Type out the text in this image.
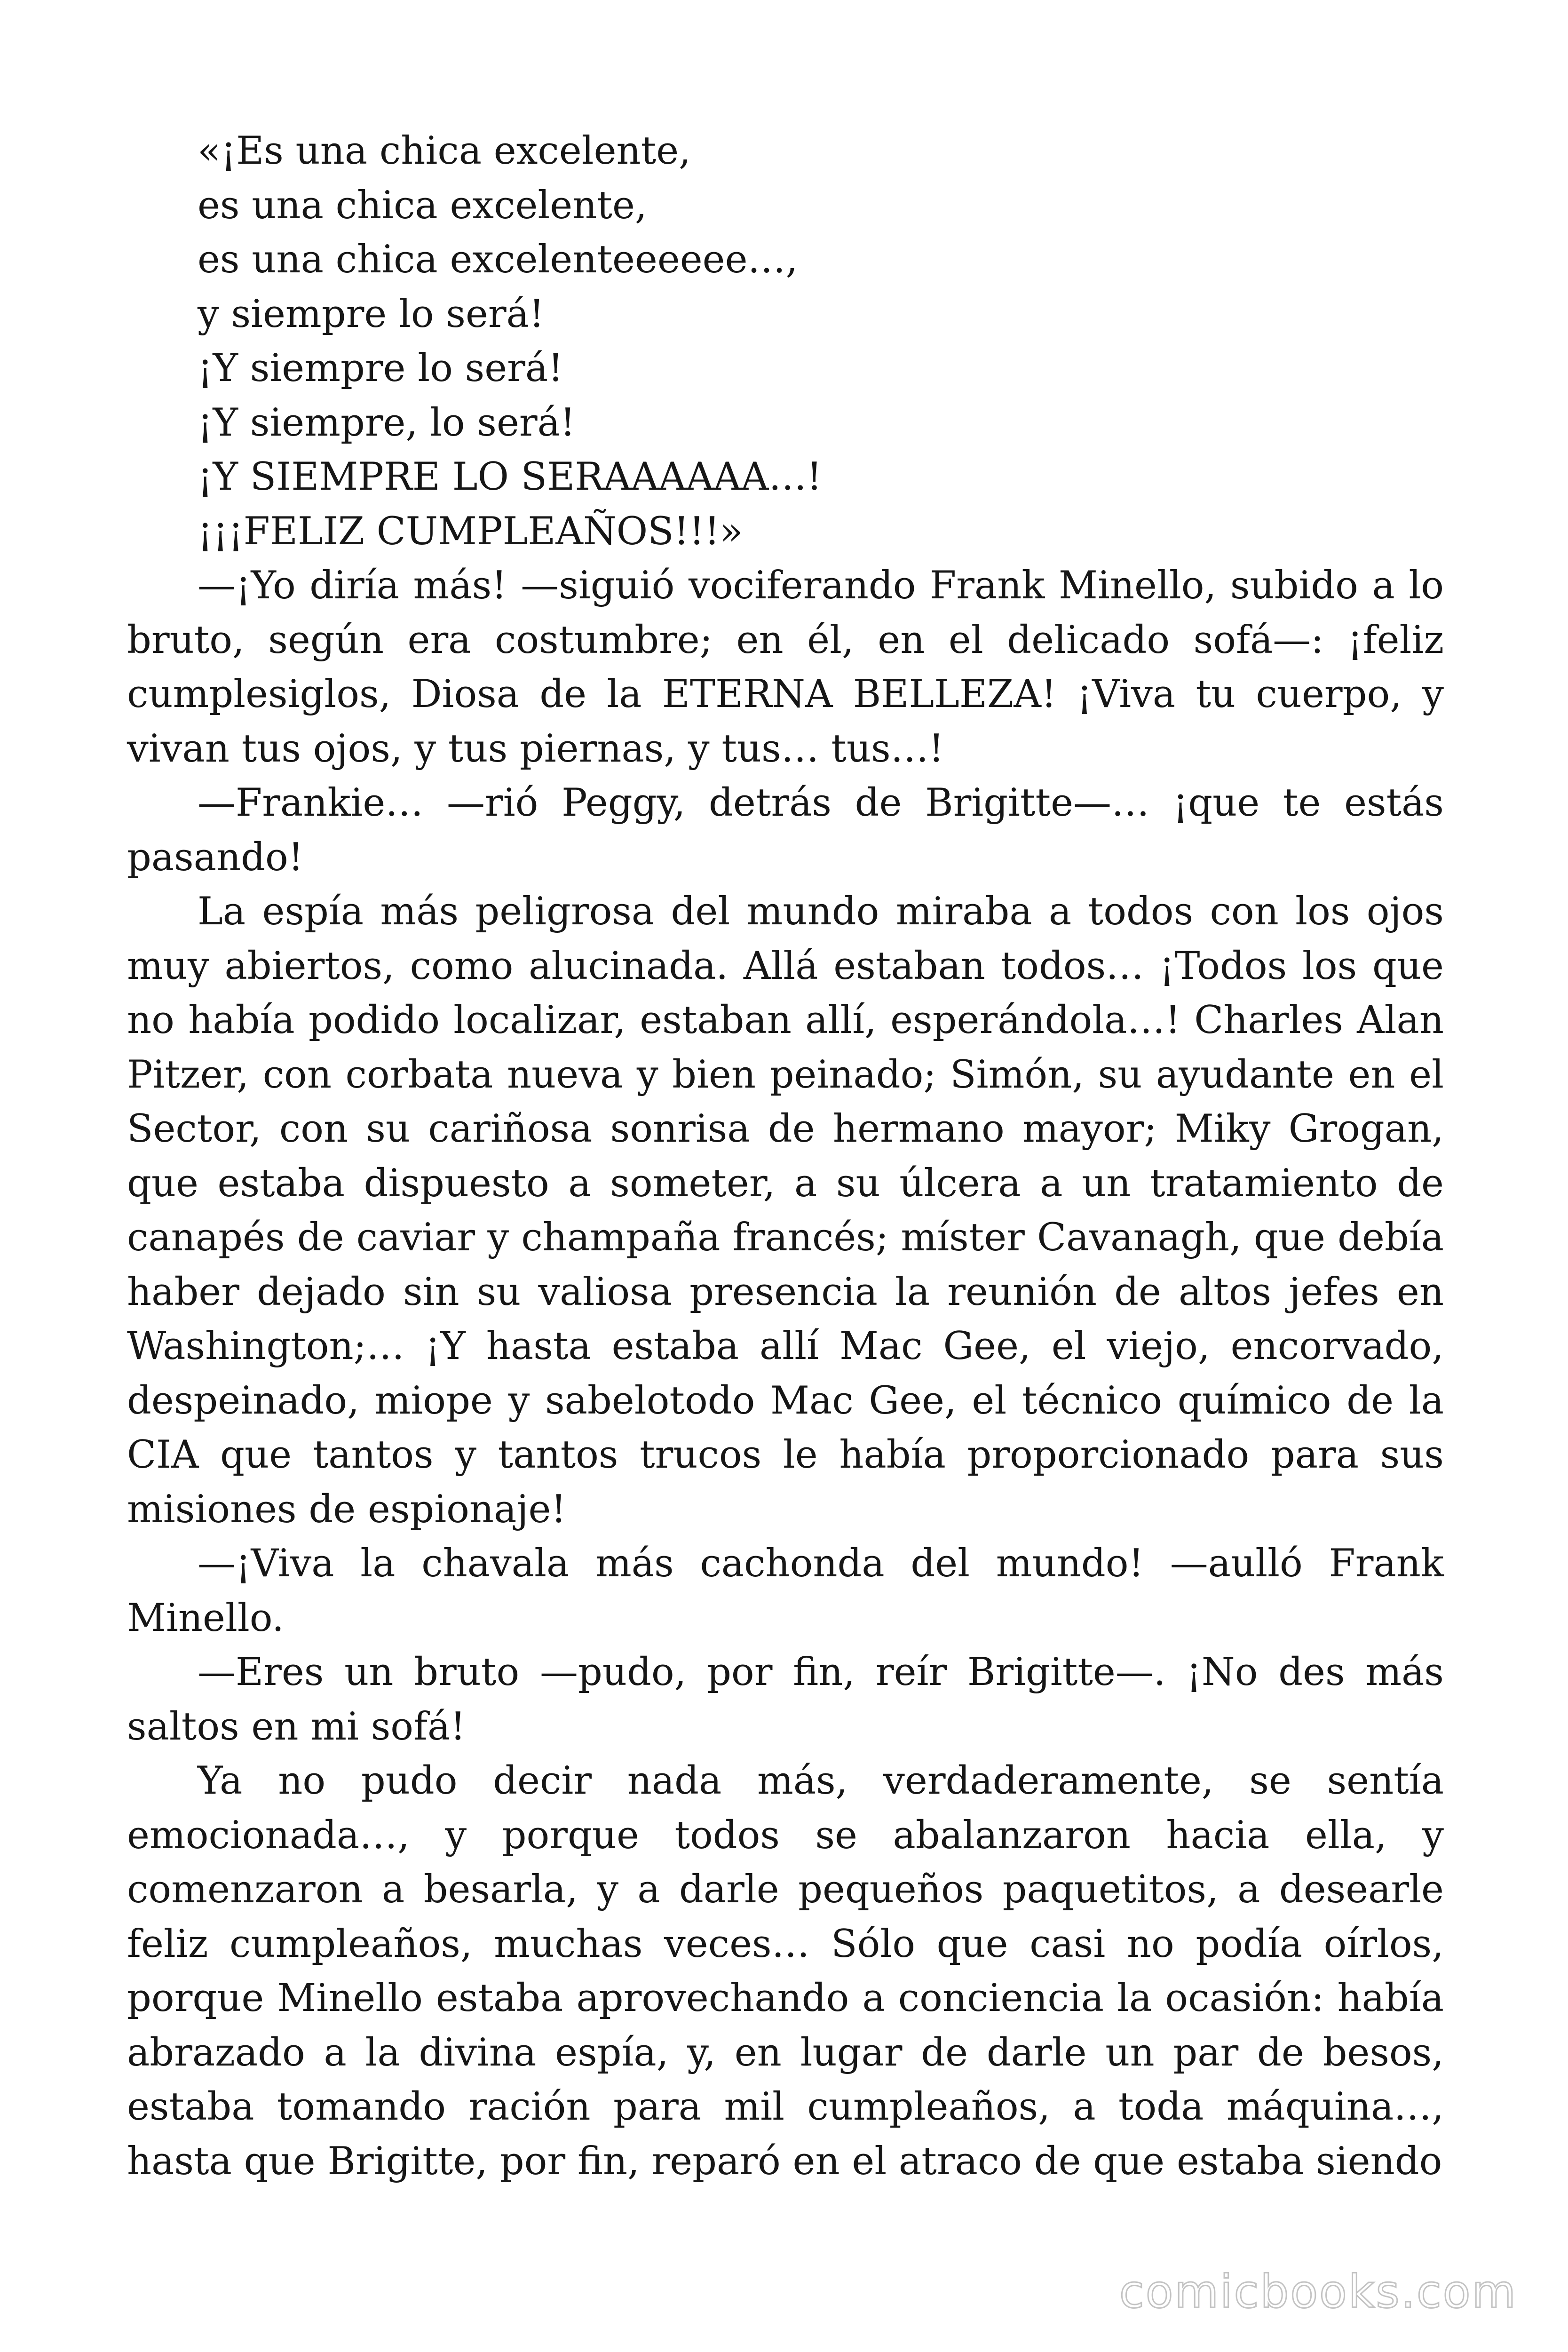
«¡Es una chica excelente,
es una chica excelente,
es una chica excelenteeeeee…,
y siempre lo será!
¡Y siempre lo será!
¡Y siempre, lo será!
¡Y SIEMPRE LO SERAAAAAA…!
¡¡¡FELIZ CUMPLEAÑOS!!!»

—¡Yo diría más! —siguió vociferando Frank Minello, subido a lo bruto, según era costumbre; en él, en el delicado sofá—: ¡feliz cumplesiglos, Diosa de la ETERNA BELLEZA! ¡Viva tu cuerpo, y vivan tus ojos, y tus piernas, y tus… tus…!

—Frankie… —rió Peggy, detrás de Brigitte—… ¡que te estás pasando!

La espía más peligrosa del mundo miraba a todos con los ojos muy abiertos, como alucinada. Allá estaban todos… ¡Todos los que no había podido localizar, estaban allí, esperándola…! Charles Alan Pitzer, con corbata nueva y bien peinado; Simón, su ayudante en el Sector, con su cariñosa sonrisa de hermano mayor; Miky Grogan, que estaba dispuesto a someter, a su úlcera a un tratamiento de canapés de caviar y champaña francés; míster Cavanagh, que debía haber dejado sin su valiosa presencia la reunión de altos jefes en Washington;… ¡Y hasta estaba allí Mac Gee, el viejo, encorvado, despeinado, miope y sabelotodo Mac Gee, el técnico químico de la CIA que tantos y tantos trucos le había proporcionado para sus misiones de espionaje!

—¡Viva la chavala más cachonda del mundo! —aulló Frank Minello.

—Eres un bruto —pudo, por fin, reír Brigitte—. ¡No des más saltos en mi sofá!

Ya no pudo decir nada más, verdaderamente, se sentía emocionada…, y porque todos se abalanzaron hacia ella, y comenzaron a besarla, y a darle pequeños paquetitos, a desearle feliz cumpleaños, muchas veces… Sólo que casi no podía oírlos, porque Minello estaba aprovechando a conciencia la ocasión: había abrazado a la divina espía, y, en lugar de darle un par de besos, estaba tomando ración para mil cumpleaños, a toda máquina…, hasta que Brigitte, por fin, reparó en el atraco de que estaba siendo

comicbooks.com
